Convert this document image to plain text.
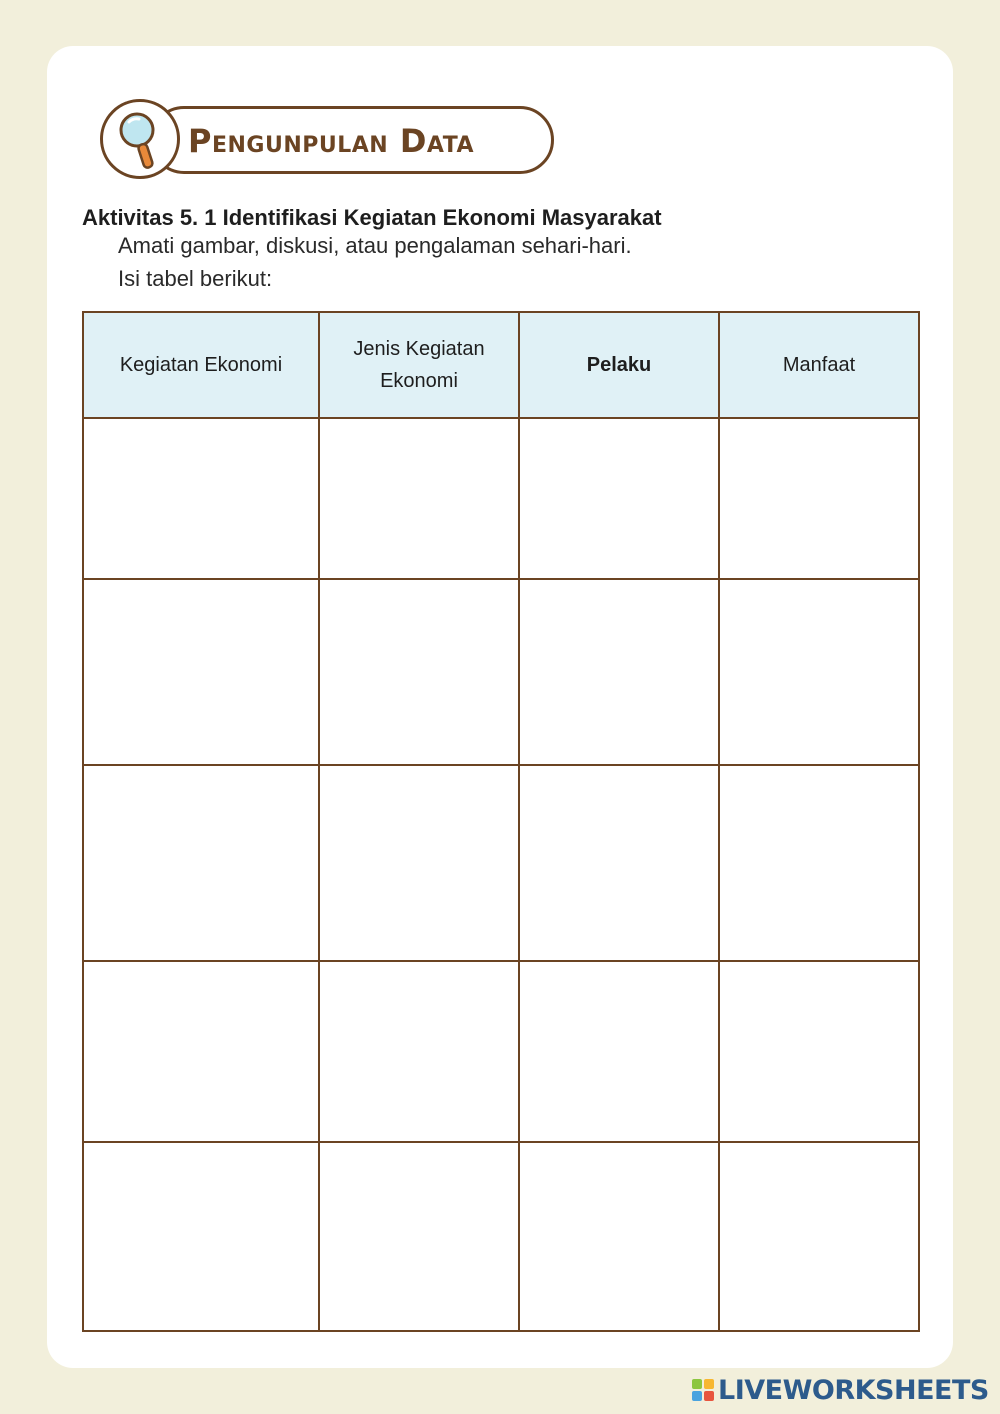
Pengunpulan Data
Aktivitas 5. 1 Identifikasi Kegiatan Ekonomi Masyarakat
Amati gambar, diskusi, atau pengalaman sehari-hari.
Isi tabel berikut:
Kegiatan Ekonomi	Jenis Kegiatan Ekonomi	Pelaku	Manfaat

LIVEWORKSHEETS
